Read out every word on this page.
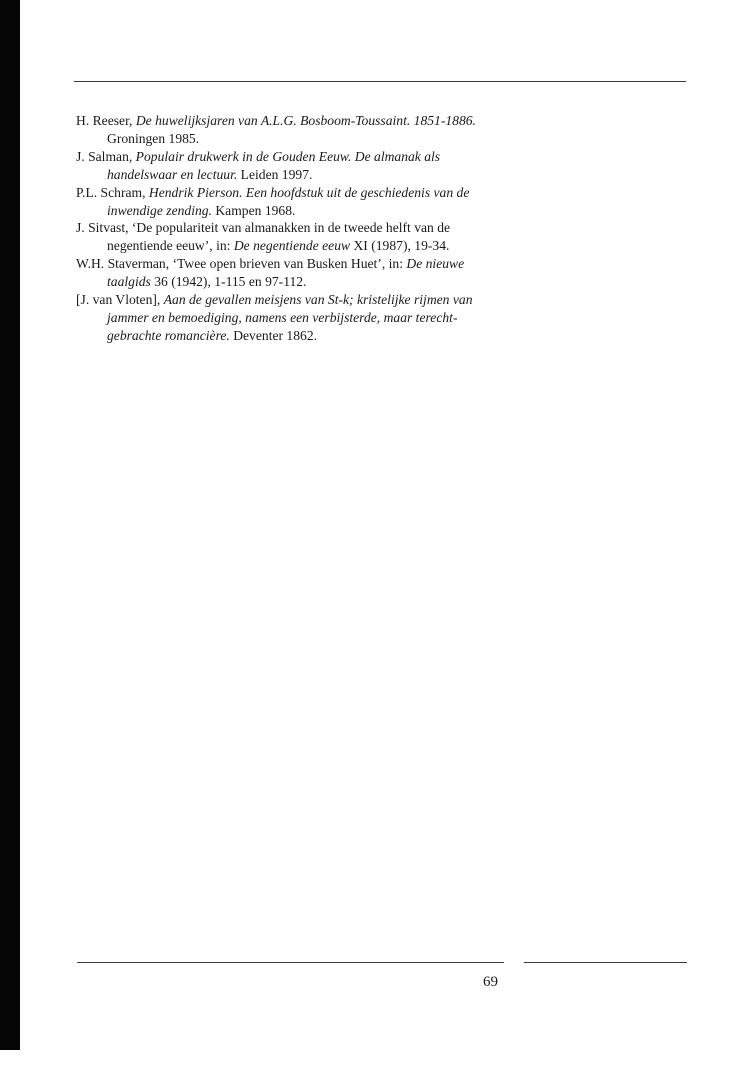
H. Reeser, De huwelijksjaren van A.L.G. Bosboom-Toussaint. 1851-1886.
Groningen 1985.
J. Salman, Populair drukwerk in de Gouden Eeuw. De almanak als handelswaar en lectuur. Leiden 1997.
P.L. Schram, Hendrik Pierson. Een hoofdstuk uit de geschiedenis van de inwendige zending. Kampen 1968.
J. Sitvast, ‘De populariteit van almanakken in de tweede helft van de negentiende eeuw’, in: De negentiende eeuw XI (1987), 19-34.
W.H. Staverman, ‘Twee open brieven van Busken Huet’, in: De nieuwe taalgids 36 (1942), 1-115 en 97-112.
[J. van Vloten], Aan de gevallen meisjens van St-k; kristelijke rijmen van jammer en bemoediging, namens een verbijsterde, maar terechtgebrachte romancière. Deventer 1862.
69
